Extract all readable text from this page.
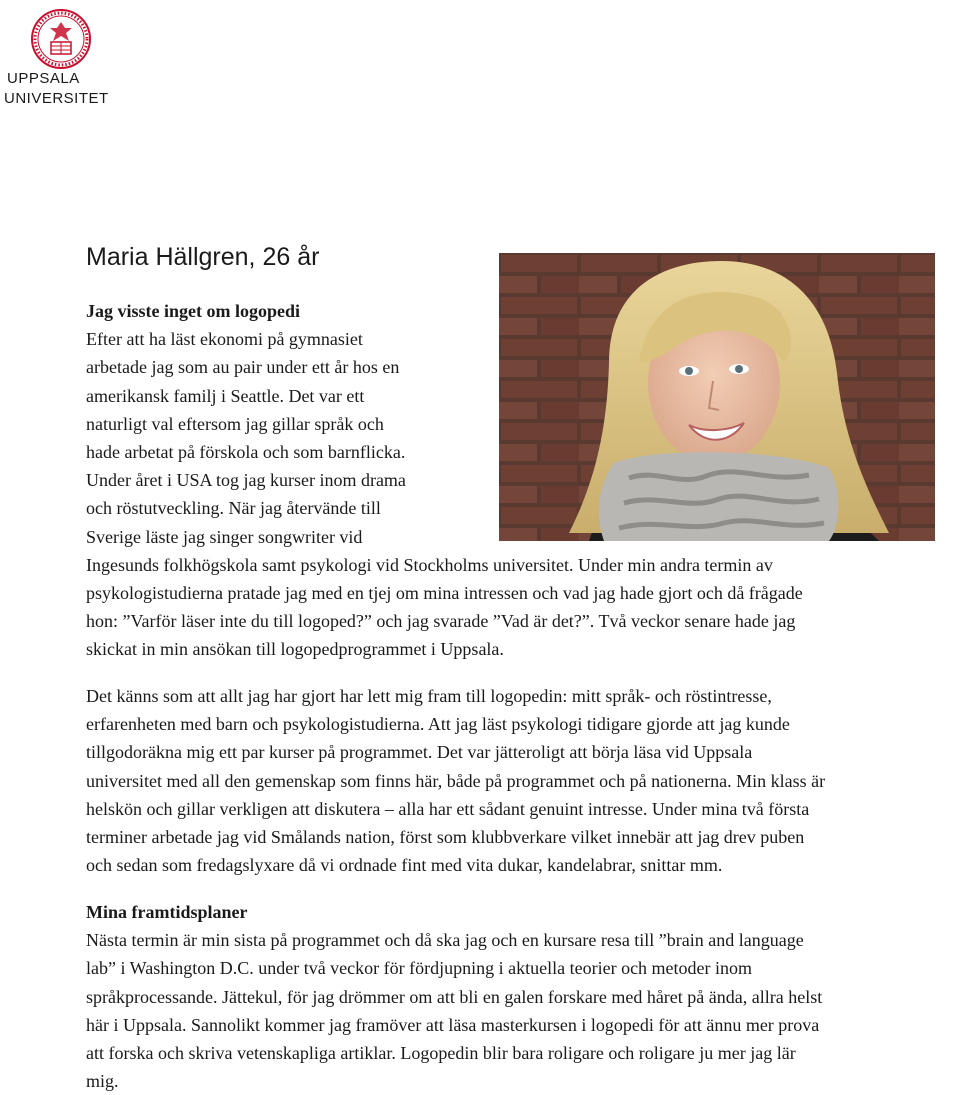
UPPSALA
UNIVERSITET
Maria Hällgren, 26 år
Jag visste inget om logopedi
Efter att ha läst ekonomi på gymnasiet
arbetade jag som au pair under ett år hos en
amerikansk familj i Seattle. Det var ett
naturligt val eftersom jag gillar språk och
hade arbetat på förskola och som barnflicka.
Under året i USA tog jag kurser inom drama
och röstutveckling. När jag återvände till
Sverige läste jag singer songwriter vid
Ingesunds folkhögskola samt psykologi vid Stockholms universitet. Under min andra termin av
psykologistudierna pratade jag med en tjej om mina intressen och vad jag hade gjort och då frågade
hon: ”Varför läser inte du till logoped?” och jag svarade ”Vad är det?”. Två veckor senare hade jag
skickat in min ansökan till logopedprogrammet i Uppsala.
Det känns som att allt jag har gjort har lett mig fram till logopedin: mitt språk- och röstintresse,
erfarenheten med barn och psykologistudierna. Att jag läst psykologi tidigare gjorde att jag kunde
tillgodoräkna mig ett par kurser på programmet. Det var jätteroligt att börja läsa vid Uppsala
universitet med all den gemenskap som finns här, både på programmet och på nationerna. Min klass är
helskön och gillar verkligen att diskutera – alla har ett sådant genuint intresse. Under mina två första
terminer arbetade jag vid Smålands nation, först som klubbverkare vilket innebär att jag drev puben
och sedan som fredagslyxare då vi ordnade fint med vita dukar, kandelabrar, snittar mm.
Mina framtidsplaner
Nästa termin är min sista på programmet och då ska jag och en kursare resa till ”brain and language
lab” i Washington D.C. under två veckor för fördjupning i aktuella teorier och metoder inom
språkprocessande. Jättekul, för jag drömmer om att bli en galen forskare med håret på ända, allra helst
här i Uppsala. Sannolikt kommer jag framöver att läsa masterkursen i logopedi för att ännu mer prova
att forska och skriva vetenskapliga artiklar. Logopedin blir bara roligare och roligare ju mer jag lär
mig.
